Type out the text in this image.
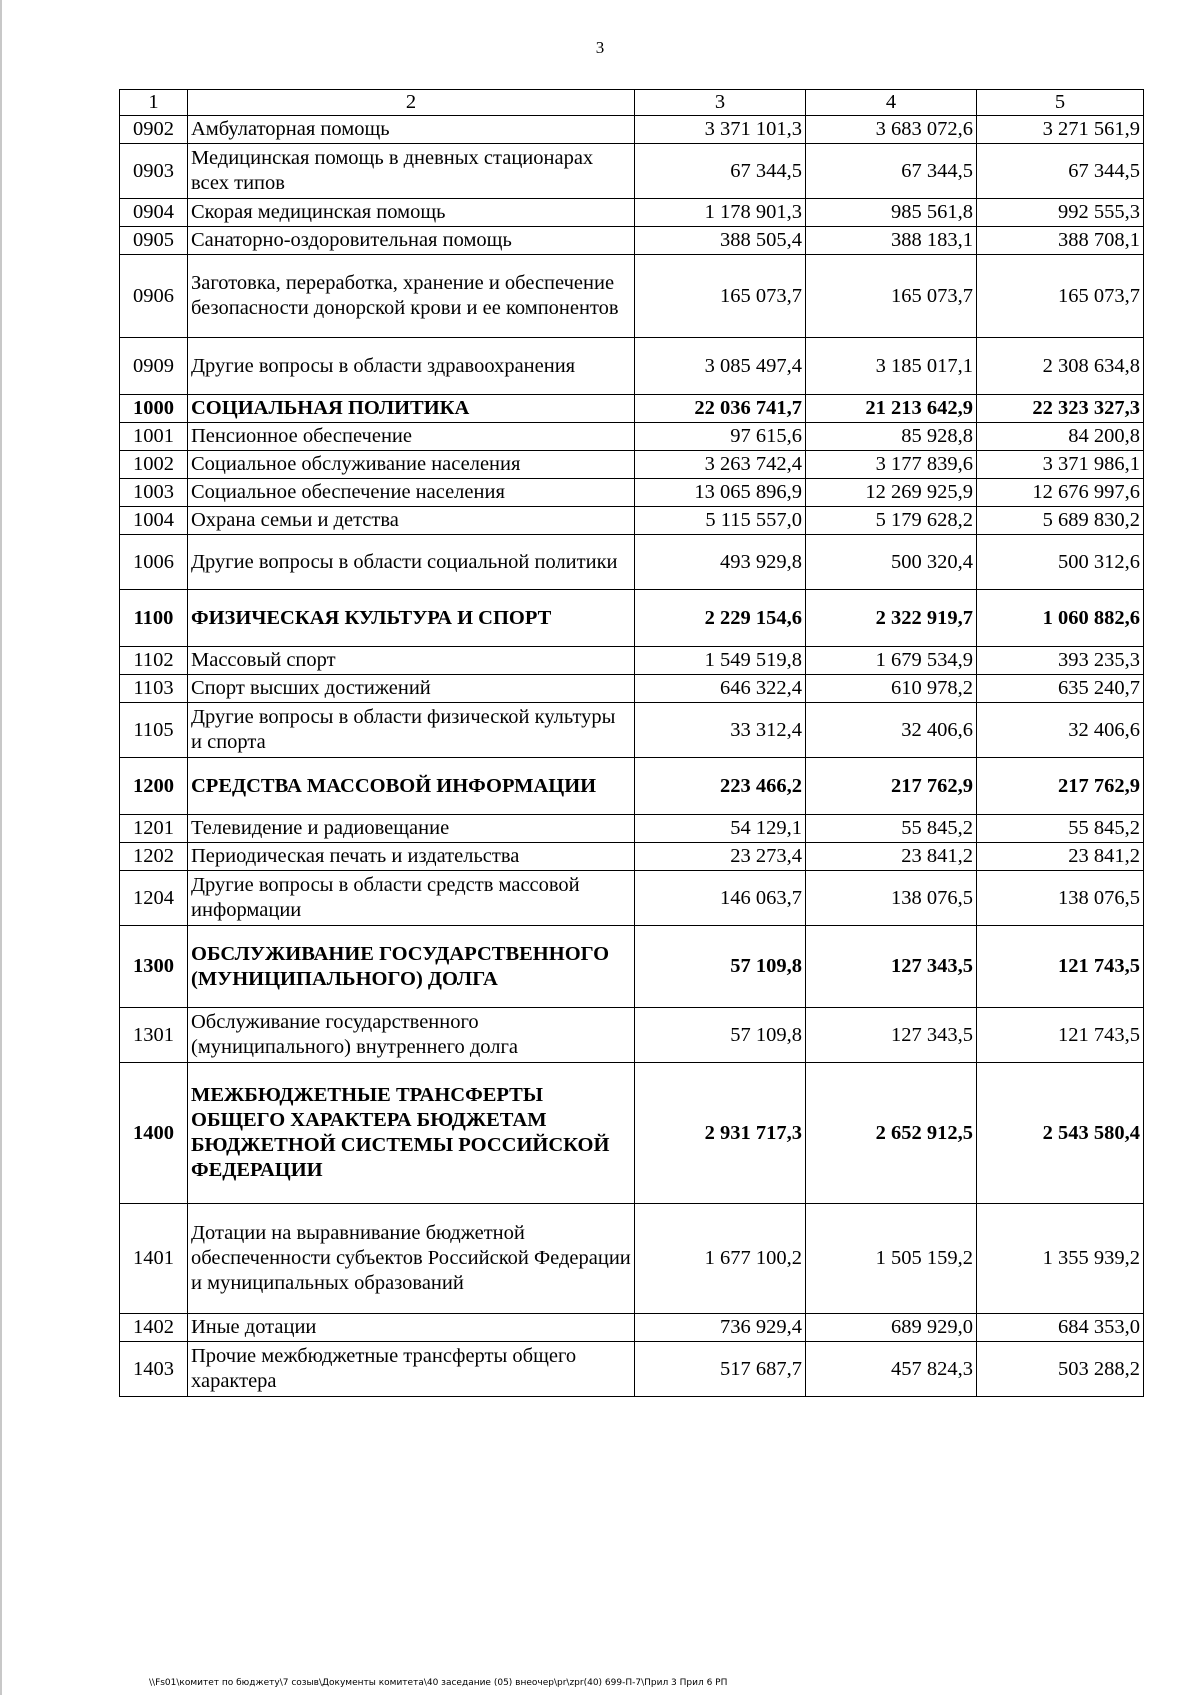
3
1	2	3	4	5
0902	Амбулаторная помощь	3 371 101,3	3 683 072,6	3 271 561,9
0903	Медицинская помощь в дневных стационарах всех типов	67 344,5	67 344,5	67 344,5
0904	Скорая медицинская помощь	1 178 901,3	985 561,8	992 555,3
0905	Санаторно-оздоровительная помощь	388 505,4	388 183,1	388 708,1
0906	Заготовка, переработка, хранение и обеспечение безопасности донорской крови и ее компонентов	165 073,7	165 073,7	165 073,7
0909	Другие вопросы в области здравоохранения	3 085 497,4	3 185 017,1	2 308 634,8
1000	СОЦИАЛЬНАЯ ПОЛИТИКА	22 036 741,7	21 213 642,9	22 323 327,3
1001	Пенсионное обеспечение	97 615,6	85 928,8	84 200,8
1002	Социальное обслуживание населения	3 263 742,4	3 177 839,6	3 371 986,1
1003	Социальное обеспечение населения	13 065 896,9	12 269 925,9	12 676 997,6
1004	Охрана семьи и детства	5 115 557,0	5 179 628,2	5 689 830,2
1006	Другие вопросы в области социальной политики	493 929,8	500 320,4	500 312,6
1100	ФИЗИЧЕСКАЯ КУЛЬТУРА И СПОРТ	2 229 154,6	2 322 919,7	1 060 882,6
1102	Массовый спорт	1 549 519,8	1 679 534,9	393 235,3
1103	Спорт высших достижений	646 322,4	610 978,2	635 240,7
1105	Другие вопросы в области физической культуры и спорта	33 312,4	32 406,6	32 406,6
1200	СРЕДСТВА МАССОВОЙ ИНФОРМАЦИИ	223 466,2	217 762,9	217 762,9
1201	Телевидение и радиовещание	54 129,1	55 845,2	55 845,2
1202	Периодическая печать и издательства	23 273,4	23 841,2	23 841,2
1204	Другие вопросы в области средств массовой информации	146 063,7	138 076,5	138 076,5
1300	ОБСЛУЖИВАНИЕ ГОСУДАРСТВЕННОГО (МУНИЦИПАЛЬНОГО) ДОЛГА	57 109,8	127 343,5	121 743,5
1301	Обслуживание государственного (муниципального) внутреннего долга	57 109,8	127 343,5	121 743,5
1400	МЕЖБЮДЖЕТНЫЕ ТРАНСФЕРТЫ ОБЩЕГО ХАРАКТЕРА БЮДЖЕТАМ БЮДЖЕТНОЙ СИСТЕМЫ РОССИЙСКОЙ ФЕДЕРАЦИИ	2 931 717,3	2 652 912,5	2 543 580,4
1401	Дотации на выравнивание бюджетной обеспеченности субъектов Российской Федерации и муниципальных образований	1 677 100,2	1 505 159,2	1 355 939,2
1402	Иные дотации	736 929,4	689 929,0	684 353,0
1403	Прочие межбюджетные трансферты общего характера	517 687,7	457 824,3	503 288,2
\\Fs01\комитет по бюджету\7 созыв\Документы комитета\40 заседание (05) внеочер\pr\zpr(40) 699-П-7\Прил 3 Прил 6 РП
